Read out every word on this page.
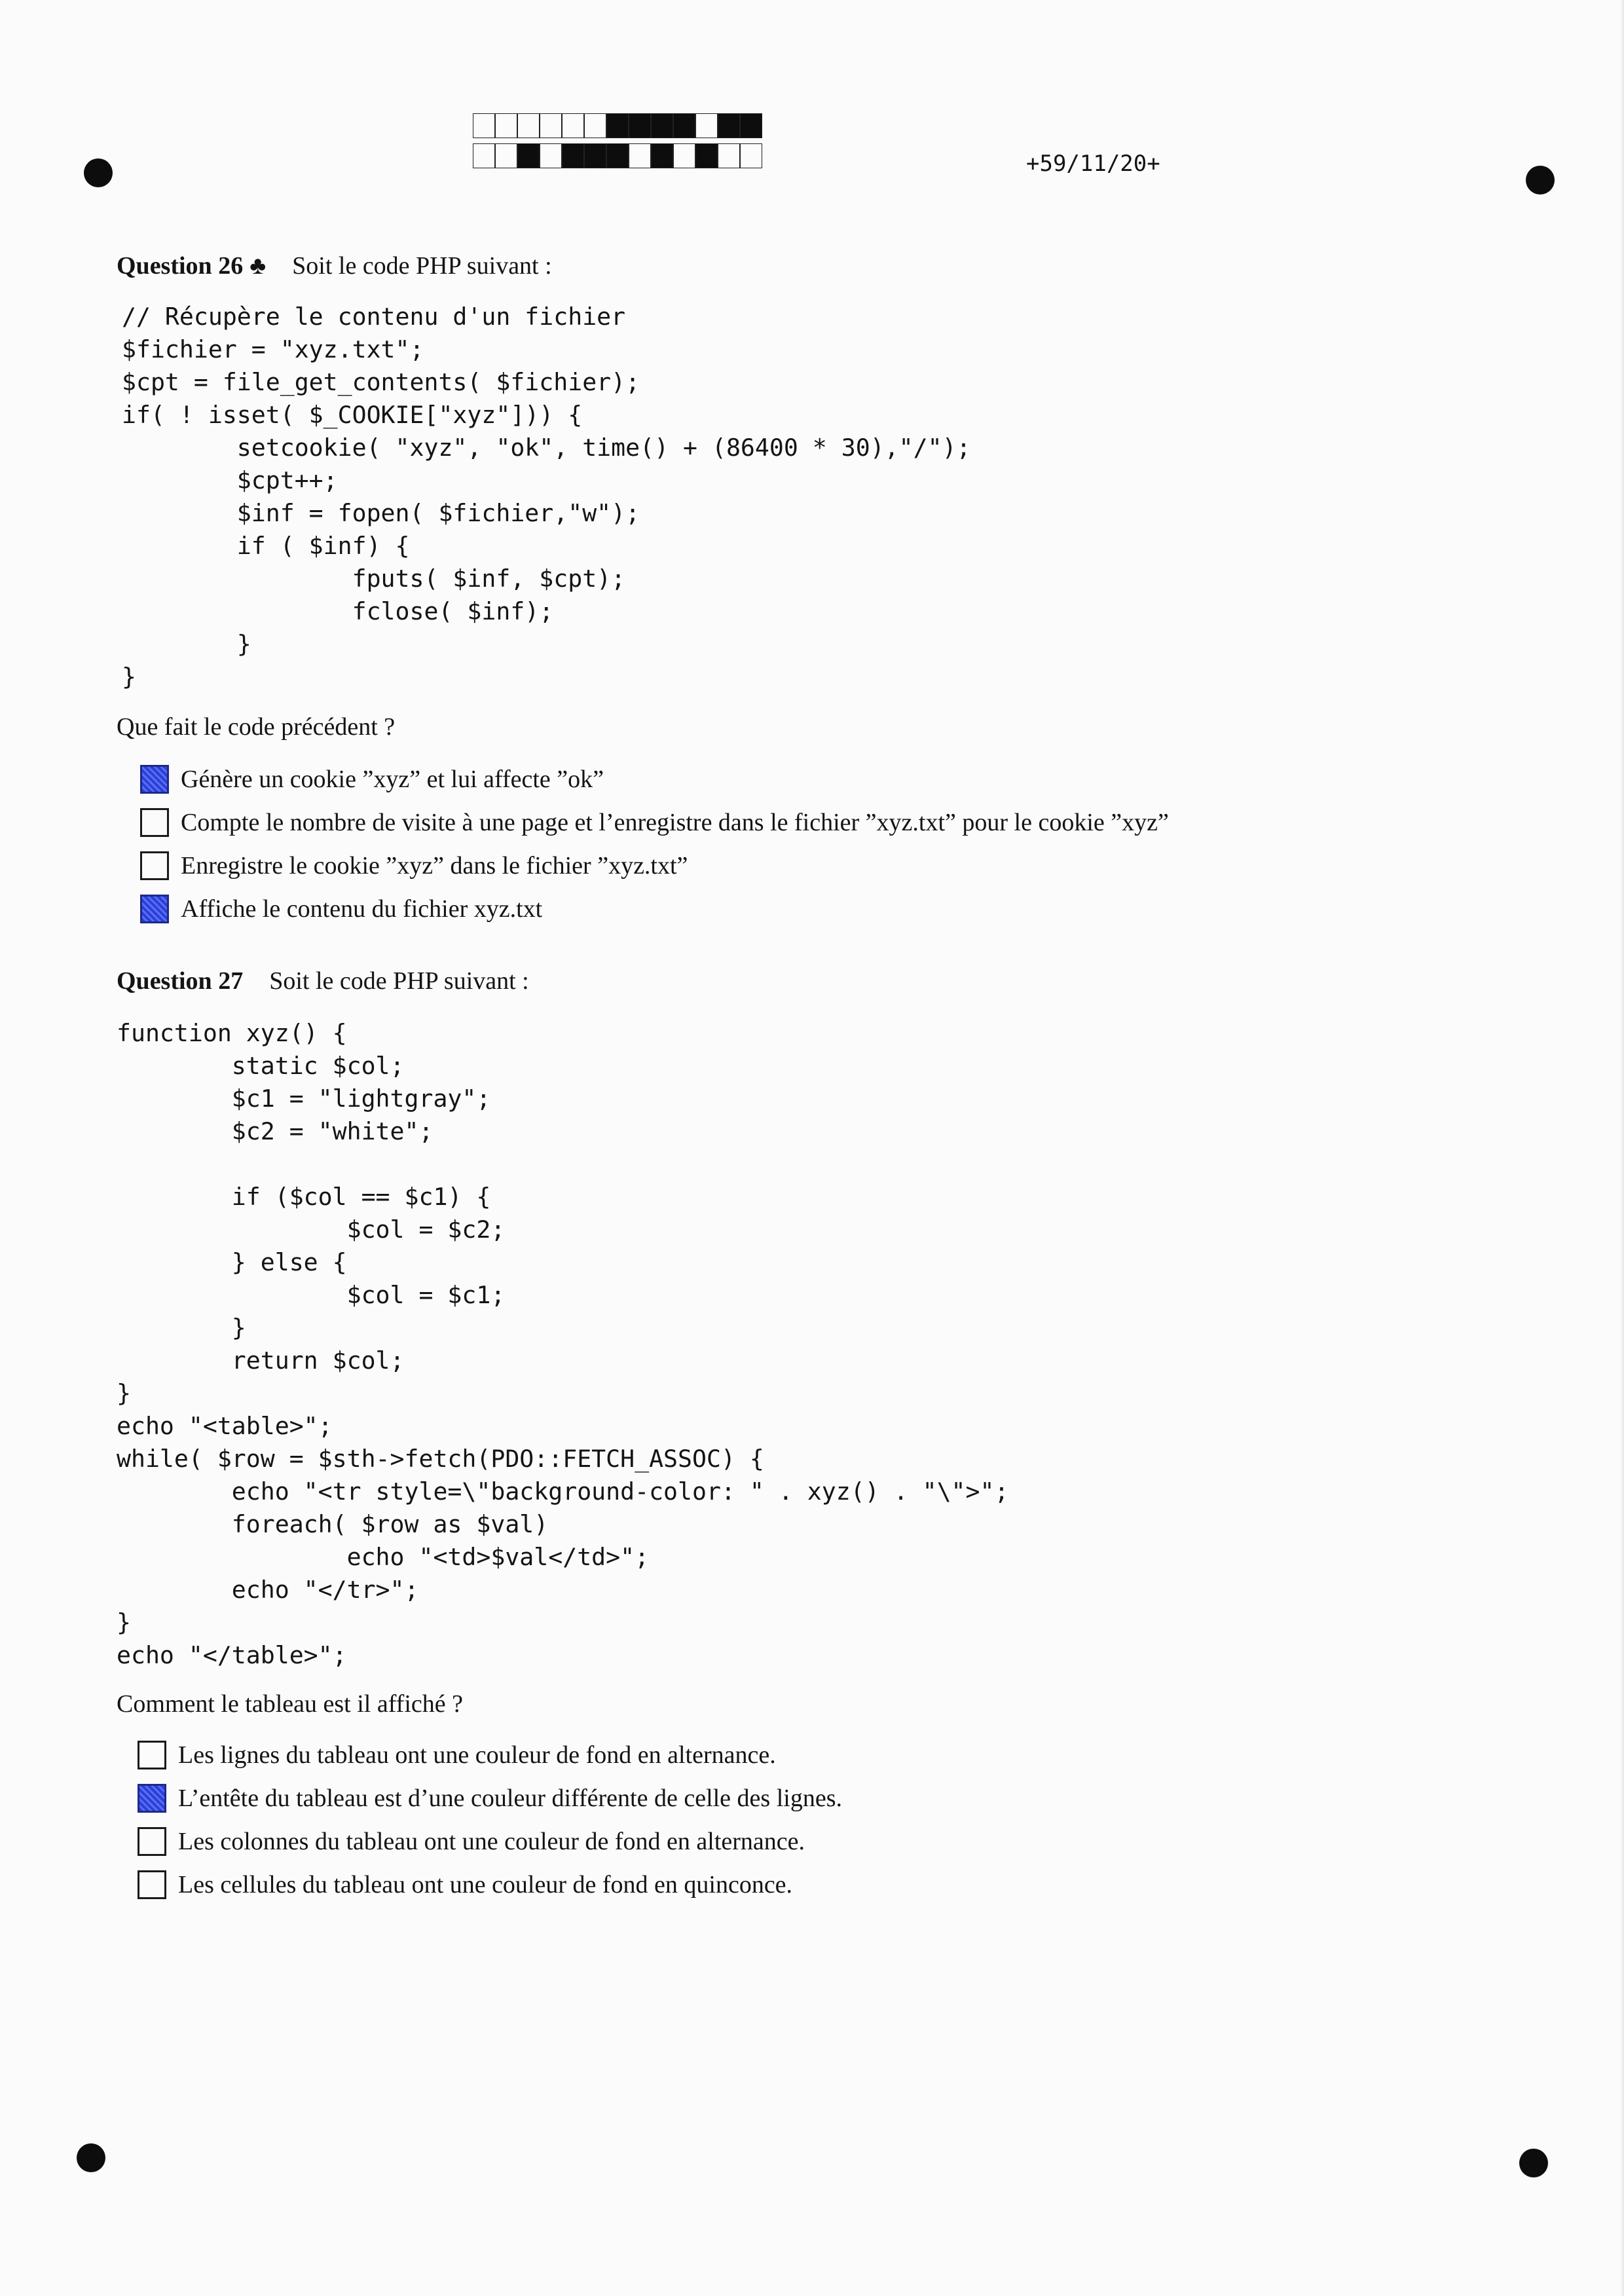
+59/11/20+
Question 26 ♣ Soit le code PHP suivant :
// Récupère le contenu d'un fichier
$fichier = "xyz.txt";
$cpt = file_get_contents( $fichier);
if( ! isset( $_COOKIE["xyz"])) {
setcookie( "xyz", "ok", time() + (86400 * 30),"/");
$cpt++;
$inf = fopen( $fichier,"w");
if ( $inf) {
fputs( $inf, $cpt);
fclose( $inf);
}
}
Que fait le code précédent ?
Génère un cookie ”xyz” et lui affecte ”ok”
Compte le nombre de visite à une page et l’enregistre dans le fichier ”xyz.txt” pour le cookie ”xyz”
Enregistre le cookie ”xyz” dans le fichier ”xyz.txt”
Affiche le contenu du fichier xyz.txt
Question 27 Soit le code PHP suivant :
function xyz() {
static $col;
$c1 = "lightgray";
$c2 = "white";

if ($col == $c1) {
$col = $c2;
} else {
$col = $c1;
}
return $col;
}
echo "<table>";
while( $row = $sth->fetch(PDO::FETCH_ASSOC) {
echo "<tr style=\"background-color: " . xyz() . "\">";
foreach( $row as $val)
echo "<td>$val</td>";
echo "</tr>";
}
echo "</table>";
Comment le tableau est il affiché ?
Les lignes du tableau ont une couleur de fond en alternance.
L’entête du tableau est d’une couleur différente de celle des lignes.
Les colonnes du tableau ont une couleur de fond en alternance.
Les cellules du tableau ont une couleur de fond en quinconce.
